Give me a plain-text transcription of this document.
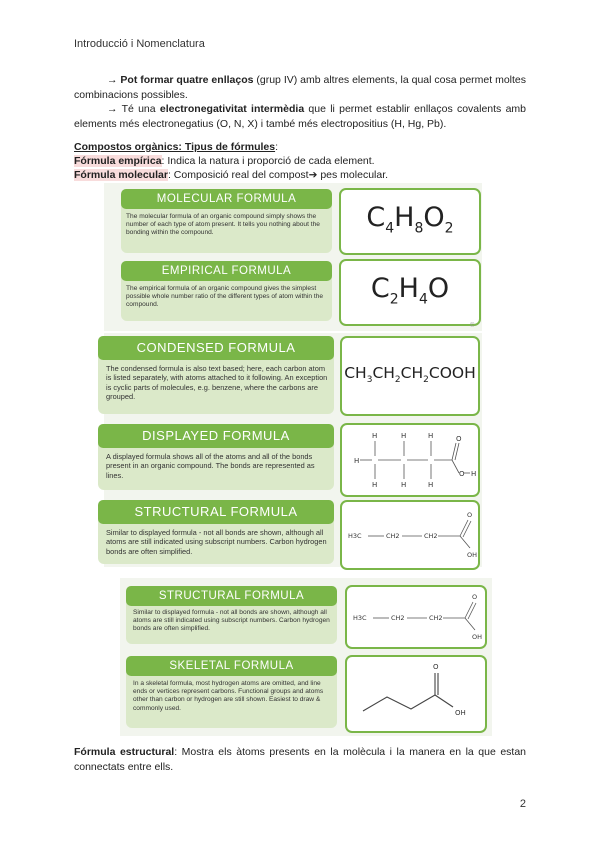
Introducció i Nomenclatura
→ Pot formar quatre enllaços (grup IV) amb altres elements, la qual cosa permet moltes combinacions possibles.
→ Té una electronegativitat intermèdia que li permet establir enllaços covalents amb elements més electronegatius (O, N, X) i també més electropositius (H, Hg, Pb).
Compostos orgànics: Tipus de fórmules:
Fórmula empírica: Indica la natura i proporció de cada element.
Fórmula molecular: Composició real del compost➔ pes molecular.
MOLECULAR FORMULA
The molecular formula of an organic compound simply shows the number of each type of atom present. It tells you nothing about the bonding within the compound.	$C_4H_8O_2$
EMPIRICAL FORMULA
The empirical formula of an organic compound gives the simplest possible whole number ratio of the different types of atom within the compound.
$C_2H_4O$
©
CONDENSED FORMULA
The condensed formula is also text based; here, each carbon atom is listed separately, with atoms attached to it following. An exception is cyclic parts of molecules, e.g. benzene, where the carbons are grouped.
$CH_3CH_2CH_2COOH$
DISPLAYED FORMULA
A displayed formula shows all of the atoms and all of the bonds present in an organic compound. The bonds are represented as lines.
H
H
H
H
H
H
H
O
O H
STRUCTURAL FORMULA
Similar to displayed formula - not all bonds are shown, although all atoms are still indicated using subscript numbers. Carbon hydrogen bonds are often simplified.
H3C	CH2	CH2
O
OH
STRUCTURAL FORMULA
Similar to displayed formula - not all bonds are shown, although all atoms are still indicated using subscript numbers. Carbon hydrogen bonds are often simplified.
H3C	CH2	CH2
O
OH
SKELETAL FORMULA
In a skeletal formula, most hydrogen atoms are omitted, and line ends or vertices represent carbons. Functional groups and atoms other than carbon or hydrogen are still shown. Easiest to draw & commonly used.
O
OH
Fórmula estructural: Mostra els àtoms presents en la molècula i la manera en la que estan connectats entre ells.
2
